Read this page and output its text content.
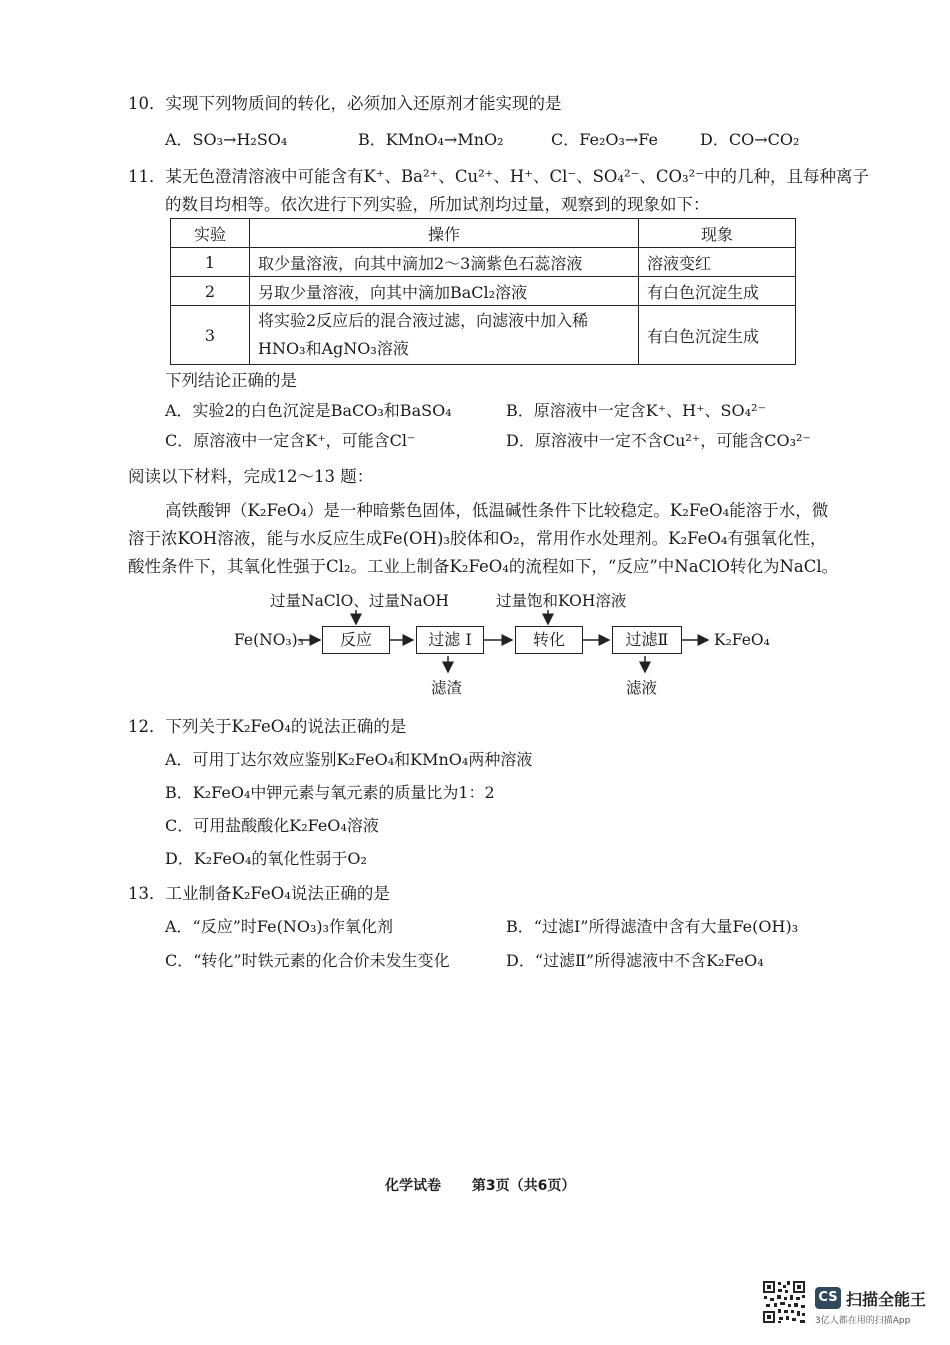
10．实现下列物质间的转化，必须加入还原剂才能实现的是
A．SO₃→H₂SO₄	B．KMnO₄→MnO₂	C．Fe₂O₃→Fe	D．CO→CO₂
11．某无色澄清溶液中可能含有K⁺、Ba²⁺、Cu²⁺、H⁺、Cl⁻、SO₄²⁻、CO₃²⁻中的几种，且每种离子
的数目均相等。依次进行下列实验，所加试剂均过量，观察到的现象如下：
实验	操作	现象
1	取少量溶液，向其中滴加2～3滴紫色石蕊溶液	溶液变红
2	另取少量溶液，向其中滴加BaCl₂溶液	有白色沉淀生成
3	将实验2反应后的混合液过滤，向滤液中加入稀
HNO₃和AgNO₃溶液	有白色沉淀生成
下列结论正确的是
A．实验2的白色沉淀是BaCO₃和BaSO₄	B．原溶液中一定含K⁺、H⁺、SO₄²⁻
C．原溶液中一定含K⁺，可能含Cl⁻	D．原溶液中一定不含Cu²⁺，可能含CO₃²⁻
阅读以下材料，完成12～13 题：
高铁酸钾（K₂FeO₄）是一种暗紫色固体，低温碱性条件下比较稳定。K₂FeO₄能溶于水，微
溶于浓KOH溶液，能与水反应生成Fe(OH)₃胶体和O₂，常用作水处理剂。K₂FeO₄有强氧化性，
酸性条件下，其氧化性强于Cl₂。工业上制备K₂FeO₄的流程如下，“反应”中NaClO转化为NaCl。
过量NaClO、过量NaOH	过量饱和KOH溶液
Fe(NO₃)₃	反应	过滤 Ⅰ	转化	过滤Ⅱ	K₂FeO₄
滤渣	滤液
12．下列关于K₂FeO₄的说法正确的是
A．可用丁达尔效应鉴别K₂FeO₄和KMnO₄两种溶液
B．K₂FeO₄中钾元素与氧元素的质量比为1：2
C．可用盐酸酸化K₂FeO₄溶液
D．K₂FeO₄的氧化性弱于O₂
13．工业制备K₂FeO₄说法正确的是
A．“反应”时Fe(NO₃)₃作氧化剂	B．“过滤Ⅰ”所得滤渣中含有大量Fe(OH)₃
C．“转化”时铁元素的化合价未发生变化	D．“过滤Ⅱ”所得滤液中不含K₂FeO₄
化学试卷 第3页（共6页）
CS 扫描全能王
3亿人都在用的扫描App
